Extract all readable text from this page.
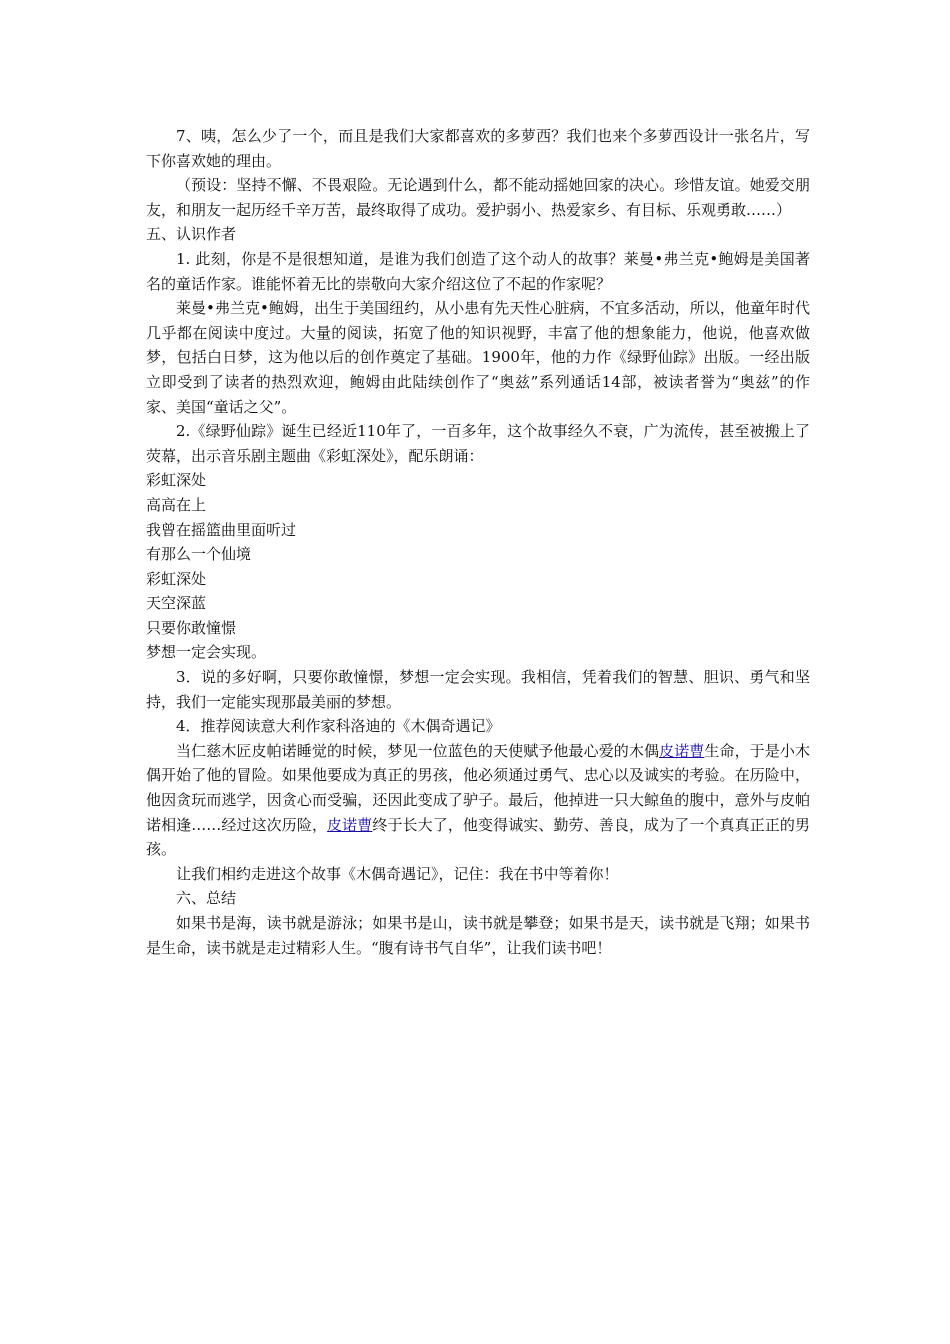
7、咦，怎么少了一个，而且是我们大家都喜欢的多萝西？我们也来个多萝西设计一张名片，写下你喜欢她的理由。

（预设：坚持不懈、不畏艰险。无论遇到什么，都不能动摇她回家的决心。珍惜友谊。她爱交朋友，和朋友一起历经千辛万苦，最终取得了成功。爱护弱小、热爱家乡、有目标、乐观勇敢……）

五、认识作者

1. 此刻，你是不是很想知道，是谁为我们创造了这个动人的故事？莱曼•弗兰克•鲍姆是美国著名的童话作家。谁能怀着无比的崇敬向大家介绍这位了不起的作家呢？

莱曼•弗兰克•鲍姆，出生于美国纽约，从小患有先天性心脏病，不宜多活动，所以，他童年时代几乎都在阅读中度过。大量的阅读，拓宽了他的知识视野，丰富了他的想象能力，他说，他喜欢做梦，包括白日梦，这为他以后的创作奠定了基础。1900年，他的力作《绿野仙踪》出版。一经出版立即受到了读者的热烈欢迎，鲍姆由此陆续创作了“奥兹”系列通话14部，被读者誉为“奥兹”的作家、美国“童话之父”。

2.《绿野仙踪》诞生已经近110年了，一百多年，这个故事经久不衰，广为流传，甚至被搬上了荧幕，出示音乐剧主题曲《彩虹深处》，配乐朗诵：

彩虹深处

高高在上

我曾在摇篮曲里面听过

有那么一个仙境

彩虹深处

天空深蓝

只要你敢憧憬

梦想一定会实现。

3．说的多好啊，只要你敢憧憬，梦想一定会实现。我相信，凭着我们的智慧、胆识、勇气和坚持，我们一定能实现那最美丽的梦想。

4．推荐阅读意大利作家科洛迪的《木偶奇遇记》

当仁慈木匠皮帕诺睡觉的时候，梦见一位蓝色的天使赋予他最心爱的木偶皮诺曹生命，于是小木偶开始了他的冒险。如果他要成为真正的男孩，他必须通过勇气、忠心以及诚实的考验。在历险中，他因贪玩而逃学，因贪心而受骗，还因此变成了驴子。最后，他掉进一只大鲸鱼的腹中，意外与皮帕诺相逢……经过这次历险，皮诺曹终于长大了，他变得诚实、勤劳、善良，成为了一个真真正正的男孩。

让我们相约走进这个故事《木偶奇遇记》，记住：我在书中等着你！

六、总结

如果书是海，读书就是游泳；如果书是山，读书就是攀登；如果书是天，读书就是飞翔；如果书是生命，读书就是走过精彩人生。“腹有诗书气自华”，让我们读书吧！
